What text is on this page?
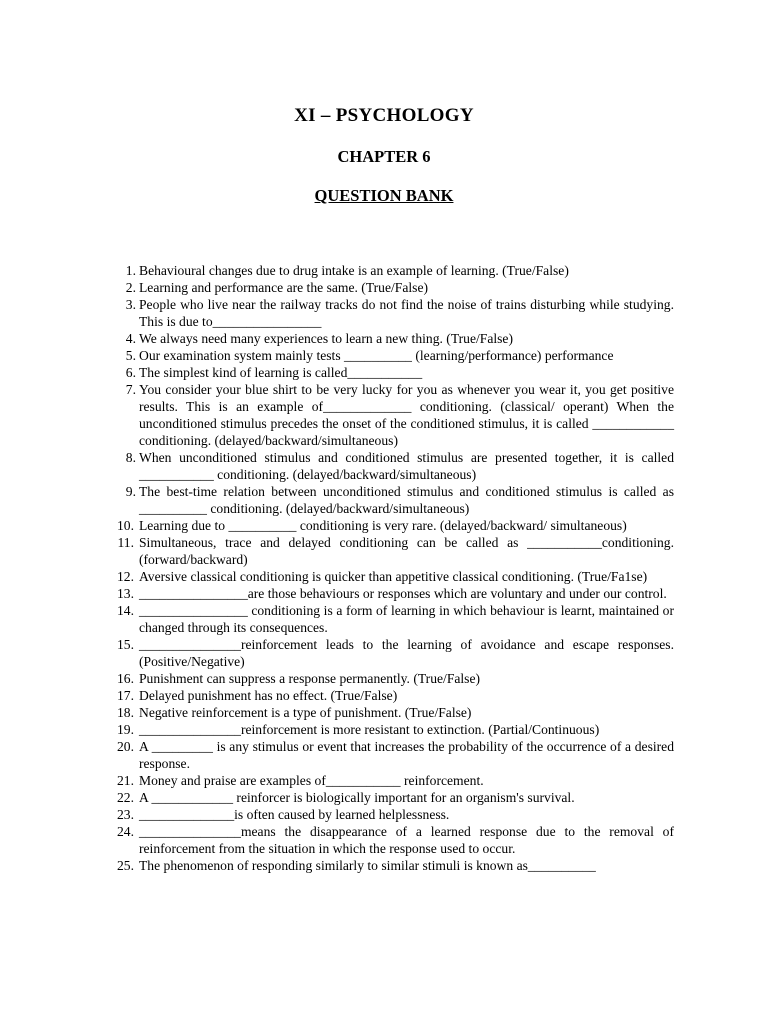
XI – PSYCHOLOGY
CHAPTER 6
QUESTION BANK
1. Behavioural changes due to drug intake is an example of learning. (True/False)
2. Learning and performance are the same. (True/False)
3. People who live near the railway tracks do not find the noise of trains disturbing while studying. This is due to________________
4. We always need many experiences to learn a new thing. (True/False)
5. Our examination system mainly tests __________ (learning/performance) performance
6. The simplest kind of learning is called___________
7. You consider your blue shirt to be very lucky for you as whenever you wear it, you get positive results. This is an example of_____________ conditioning. (classical/ operant) When the unconditioned stimulus precedes the onset of the conditioned stimulus, it is called ____________ conditioning. (delayed/backward/simultaneous)
8. When unconditioned stimulus and conditioned stimulus are presented together, it is called ___________ conditioning. (delayed/backward/simultaneous)
9. The best-time relation between unconditioned stimulus and conditioned stimulus is called as __________ conditioning. (delayed/backward/simultaneous)
10. Learning due to __________ conditioning is very rare. (delayed/backward/ simultaneous)
11. Simultaneous, trace and delayed conditioning can be called as ___________conditioning. (forward/backward)
12. Aversive classical conditioning is quicker than appetitive classical conditioning. (True/Fa1se)
13. ________________are those behaviours or responses which are voluntary and under our control.
14. ________________ conditioning is a form of learning in which behaviour is learnt, maintained or changed through its consequences.
15. _______________reinforcement leads to the learning of avoidance and escape responses. (Positive/Negative)
16. Punishment can suppress a response permanently. (True/False)
17. Delayed punishment has no effect. (True/False)
18. Negative reinforcement is a type of punishment. (True/False)
19. _______________reinforcement is more resistant to extinction. (Partial/Continuous)
20. A _________ is any stimulus or event that increases the probability of the occurrence of a desired response.
21. Money and praise are examples of___________ reinforcement.
22. A ____________ reinforcer is biologically important for an organism's survival.
23. ______________is often caused by learned helplessness.
24. _______________means the disappearance of a learned response due to the removal of reinforcement from the situation in which the response used to occur.
25. The phenomenon of responding similarly to similar stimuli is known as__________
